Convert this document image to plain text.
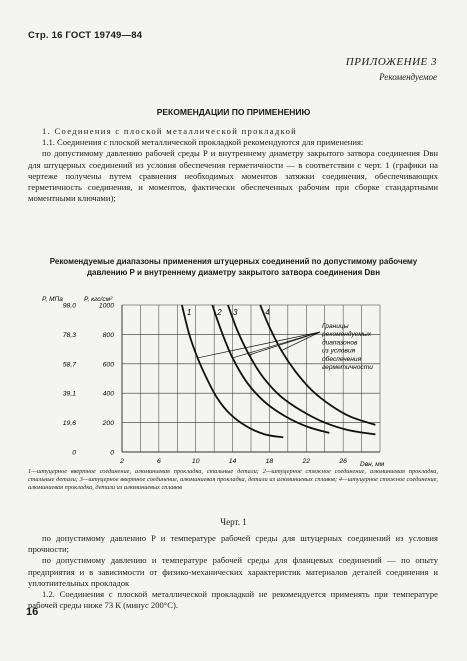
Стр. 16 ГОСТ 19749—84
ПРИЛОЖЕНИЕ 3
Рекомендуемое
РЕКОМЕНДАЦИИ ПО ПРИМЕНЕНИЮ

1. Соединения с плоской металлической прокладкой

1.1. Соединения с плоской металлической прокладкой рекомендуются для применения:

по допустимому давлению рабочей среды P и внутреннему диаметру закрытого затвора соединения Dвн для штуцерных соединений из условия обеспечения герметичности — в соответствии с черт. 1 (графики на чертеже получены путем сравнения необходимых моментов затяжки соединения, обеспечивающих герметичность соединения, и моментов, фактически обеспеченных рабочим при сборке стандартными моментными ключами);

Рекомендуемые диапазоны применения штуцерных соединений по допустимому рабочему давлению P и внутреннему диаметру закрытого затвора соединения Dвн
P, МПа	P, кгс/см²
98,0	1000
78,3	800
58,7	600
39,1	400
19,6	200
0	0
2	6	10	14	18	22	26
1	2 3	4
Dвн, мм
Границы
рекомендуемых
диапазонов
из условия
обеспечения
герметичности
1—штуцерное ввертное соединение, алюминиевая прокладка, стальные детали; 2—штуцерное стяжное соединение, алюминиевая прокладка, стальные детали; 3—штуцерное ввертное соединение, алюминиевая прокладка, детали из алюминиевых сплавов; 4—штуцерное стяжное соединение, алюминиевая прокладка, детали из алюминиевых сплавов
Черт. 1

по допустимому давлению P и температуре рабочей среды для штуцерных соединений из условия прочности;

по допустимому давлению и температуре рабочей среды для фланцевых соединений — по опыту предприятия и в зависимости от физико-механических характеристик материалов деталей соединения и уплотнительных прокладок

1.2. Соединения с плоской металлической прокладкой не рекомендуется применять при температуре рабочей среды ниже 73 К (минус 200°С).

16
